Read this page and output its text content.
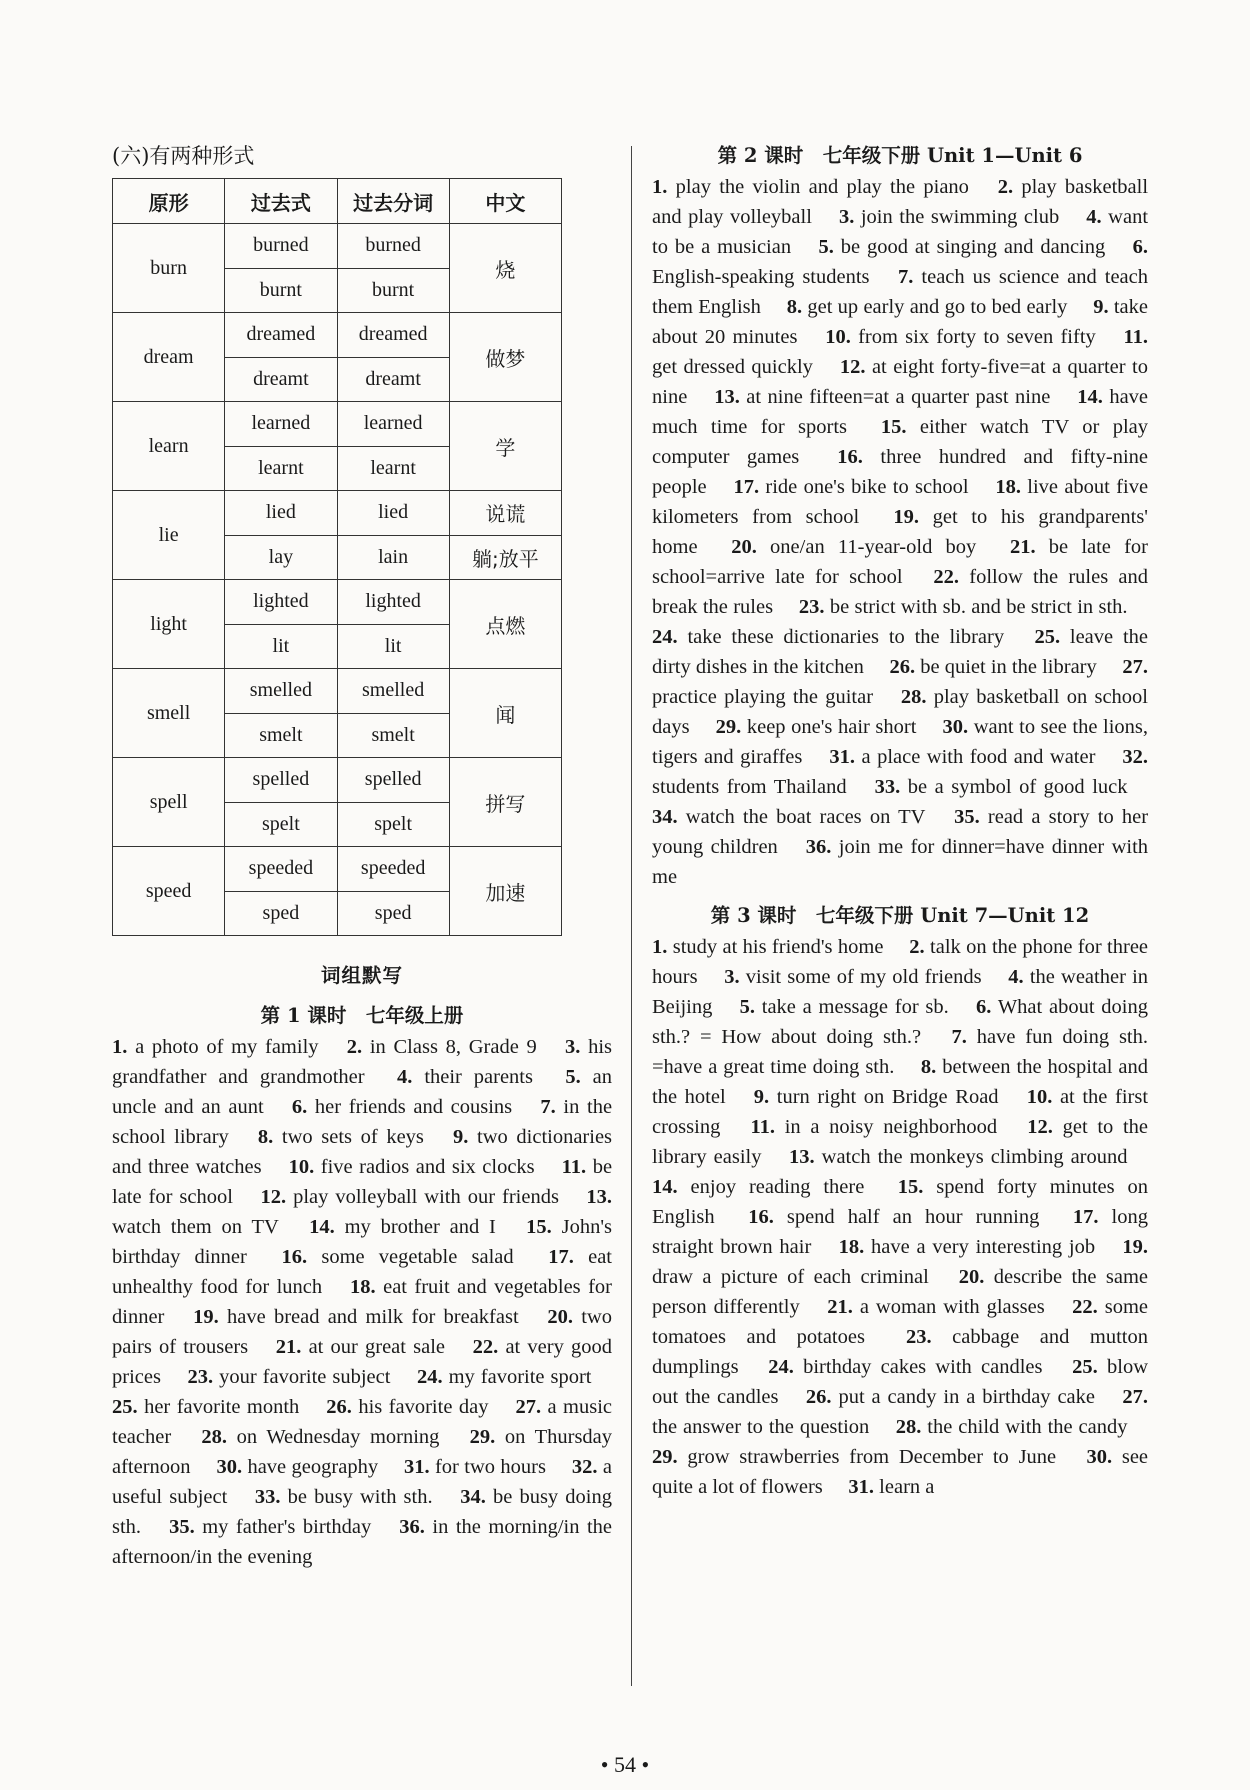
(六)有两种形式
原形	过去式	过去分词	中文
burn	burned	burned	烧
	burnt	burnt	
dream	dreamed	dreamed	做梦
	dreamt	dreamt	
learn	learned	learned	学
	learnt	learnt	
lie	lied	lied	说谎
	lay	lain	躺;放平
light	lighted	lighted	点燃
	lit	lit	
smell	smelled	smelled	闻
	smelt	smelt	
spell	spelled	spelled	拼写
	spelt	spelt	
speed	speeded	speeded	加速
	sped	sped	

词组默写

第 1 课时　七年级上册

1. a photo of my family  2. in Class 8, Grade 9  3. his grandfather and grandmother  4. their parents  5. an uncle and an aunt  6. her friends and cousins  7. in the school library  8. two sets of keys  9. two dictionaries and three watches  10. five radios and six clocks  11. be late for school  12. play volleyball with our friends  13. watch them on TV  14. my brother and I  15. John's birthday dinner  16. some vegetable salad  17. eat unhealthy food for lunch  18. eat fruit and vegetables for dinner  19. have bread and milk for breakfast  20. two pairs of trousers  21. at our great sale  22. at very good prices  23. your favorite subject  24. my favorite sport  25. her favorite month  26. his favorite day  27. a music teacher  28. on Wednesday morning  29. on Thursday afternoon  30. have geography  31. for two hours  32. a useful subject  33. be busy with sth.  34. be busy doing sth.  35. my father's birthday  36. in the morning/in the afternoon/in the evening 

第 2 课时　七年级下册 Unit 1—Unit 6

1. play the violin and play the piano  2. play basketball and play volleyball  3. join the swimming club  4. want to be a musician  5. be good at singing and dancing  6. English-speaking students  7. teach us science and teach them English  8. get up early and go to bed early  9. take about 20 minutes  10. from six forty to seven fifty  11. get dressed quickly  12. at eight forty-five=at a quarter to nine  13. at nine fifteen=at a quarter past nine  14. have much time for sports  15. either watch TV or play computer games  16. three hundred and fifty-nine people  17. ride one's bike to school  18. live about five kilometers from school  19. get to his grandparents' home  20. one/an 11-year-old boy  21. be late for school=arrive late for school  22. follow the rules and break the rules  23. be strict with sb. and be strict in sth.  24. take these dictionaries to the library  25. leave the dirty dishes in the kitchen  26. be quiet in the library  27. practice playing the guitar  28. play basketball on school days  29. keep one's hair short  30. want to see the lions, tigers and giraffes  31. a place with food and water  32. students from Thailand  33. be a symbol of good luck  34. watch the boat races on TV  35. read a story to her young children  36. join me for dinner=have dinner with me 

第 3 课时　七年级下册 Unit 7—Unit 12

1. study at his friend's home  2. talk on the phone for three hours  3. visit some of my old friends  4. the weather in Beijing  5. take a message for sb.  6. What about doing sth.? = How about doing sth.?  7. have fun doing sth. =have a great time doing sth.  8. between the hospital and the hotel  9. turn right on Bridge Road  10. at the first crossing  11. in a noisy neighborhood  12. get to the library easily  13. watch the monkeys climbing around  14. enjoy reading there  15. spend forty minutes on English  16. spend half an hour running  17. long straight brown hair  18. have a very interesting job  19. draw a picture of each criminal  20. describe the same person differently  21. a woman with glasses  22. some tomatoes and potatoes  23. cabbage and mutton dumplings  24. birthday cakes with candles  25. blow out the candles  26. put a candy in a birthday cake  27. the answer to the question  28. the child with the candy  29. grow strawberries from December to June  30. see quite a lot of flowers  31. learn a 

• 54 •
